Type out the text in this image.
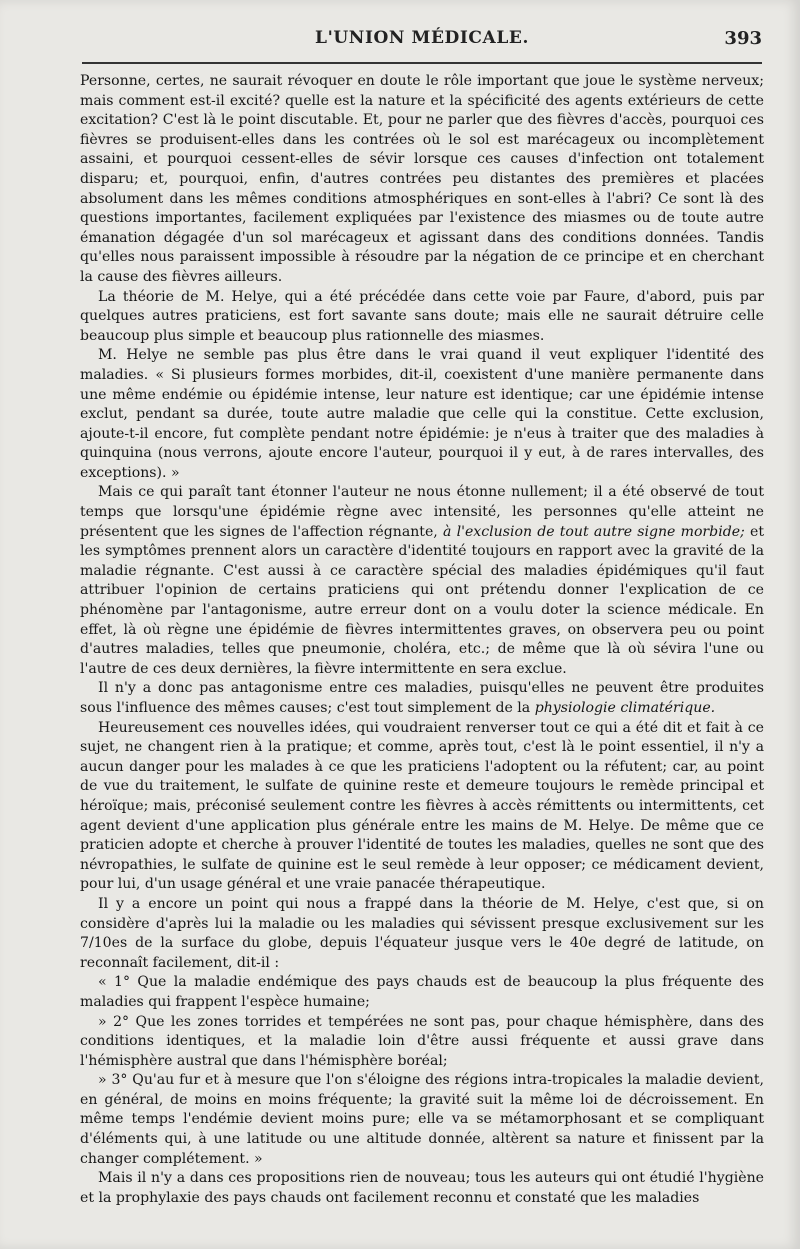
L'UNION MÉDICALE.	393

Personne, certes, ne saurait révoquer en doute le rôle important que joue le système nerveux; mais comment est-il excité? quelle est la nature et la spécificité des agents extérieurs de cette excitation? C'est là le point discutable. Et, pour ne parler que des fièvres d'accès, pourquoi ces fièvres se produisent-elles dans les contrées où le sol est marécageux ou incomplètement assaini, et pourquoi cessent-elles de sévir lorsque ces causes d'infection ont totalement disparu; et, pourquoi, enfin, d'autres contrées peu distantes des premières et placées absolument dans les mêmes conditions atmosphériques en sont-elles à l'abri? Ce sont là des questions importantes, facilement expliquées par l'existence des miasmes ou de toute autre émanation dégagée d'un sol marécageux et agissant dans des conditions données. Tandis qu'elles nous paraissent impossible à résoudre par la négation de ce principe et en cherchant la cause des fièvres ailleurs.

La théorie de M. Helye, qui a été précédée dans cette voie par Faure, d'abord, puis par quelques autres praticiens, est fort savante sans doute; mais elle ne saurait détruire celle beaucoup plus simple et beaucoup plus rationnelle des miasmes.

M. Helye ne semble pas plus être dans le vrai quand il veut expliquer l'identité des maladies. « Si plusieurs formes morbides, dit-il, coexistent d'une manière permanente dans une même endémie ou épidémie intense, leur nature est identique; car une épidémie intense exclut, pendant sa durée, toute autre maladie que celle qui la constitue. Cette exclusion, ajoute-t-il encore, fut complète pendant notre épidémie: je n'eus à traiter que des maladies à quinquina (nous verrons, ajoute encore l'auteur, pourquoi il y eut, à de rares intervalles, des exceptions). »

Mais ce qui paraît tant étonner l'auteur ne nous étonne nullement; il a été observé de tout temps que lorsqu'une épidémie règne avec intensité, les personnes qu'elle atteint ne présentent que les signes de l'affection régnante, à l'exclusion de tout autre signe morbide; et les symptômes prennent alors un caractère d'identité toujours en rapport avec la gravité de la maladie régnante. C'est aussi à ce caractère spécial des maladies épidémiques qu'il faut attribuer l'opinion de certains praticiens qui ont prétendu donner l'explication de ce phénomène par l'antagonisme, autre erreur dont on a voulu doter la science médicale. En effet, là où règne une épidémie de fièvres intermittentes graves, on observera peu ou point d'autres maladies, telles que pneumonie, choléra, etc.; de même que là où sévira l'une ou l'autre de ces deux dernières, la fièvre intermittente en sera exclue.

Il n'y a donc pas antagonisme entre ces maladies, puisqu'elles ne peuvent être produites sous l'influence des mêmes causes; c'est tout simplement de la physiologie climatérique.

Heureusement ces nouvelles idées, qui voudraient renverser tout ce qui a été dit et fait à ce sujet, ne changent rien à la pratique; et comme, après tout, c'est là le point essentiel, il n'y a aucun danger pour les malades à ce que les praticiens l'adoptent ou la réfutent; car, au point de vue du traitement, le sulfate de quinine reste et demeure toujours le remède principal et héroïque; mais, préconisé seulement contre les fièvres à accès rémittents ou intermittents, cet agent devient d'une application plus générale entre les mains de M. Helye. De même que ce praticien adopte et cherche à prouver l'identité de toutes les maladies, quelles ne sont que des névropathies, le sulfate de quinine est le seul remède à leur opposer; ce médicament devient, pour lui, d'un usage général et une vraie panacée thérapeutique.

Il y a encore un point qui nous a frappé dans la théorie de M. Helye, c'est que, si on considère d'après lui la maladie ou les maladies qui sévissent presque exclusivement sur les 7/10es de la surface du globe, depuis l'équateur jusque vers le 40e degré de latitude, on reconnaît facilement, dit-il :

« 1° Que la maladie endémique des pays chauds est de beaucoup la plus fréquente des maladies qui frappent l'espèce humaine;

» 2° Que les zones torrides et tempérées ne sont pas, pour chaque hémisphère, dans des conditions identiques, et la maladie loin d'être aussi fréquente et aussi grave dans l'hémisphère austral que dans l'hémisphère boréal;

» 3° Qu'au fur et à mesure que l'on s'éloigne des régions intra-tropicales la maladie devient, en général, de moins en moins fréquente; la gravité suit la même loi de décroissement. En même temps l'endémie devient moins pure; elle va se métamorphosant et se compliquant d'éléments qui, à une latitude ou une altitude donnée, altèrent sa nature et finissent par la changer complétement. »

Mais il n'y a dans ces propositions rien de nouveau; tous les auteurs qui ont étudié l'hygiène et la prophylaxie des pays chauds ont facilement reconnu et constaté que les maladies
